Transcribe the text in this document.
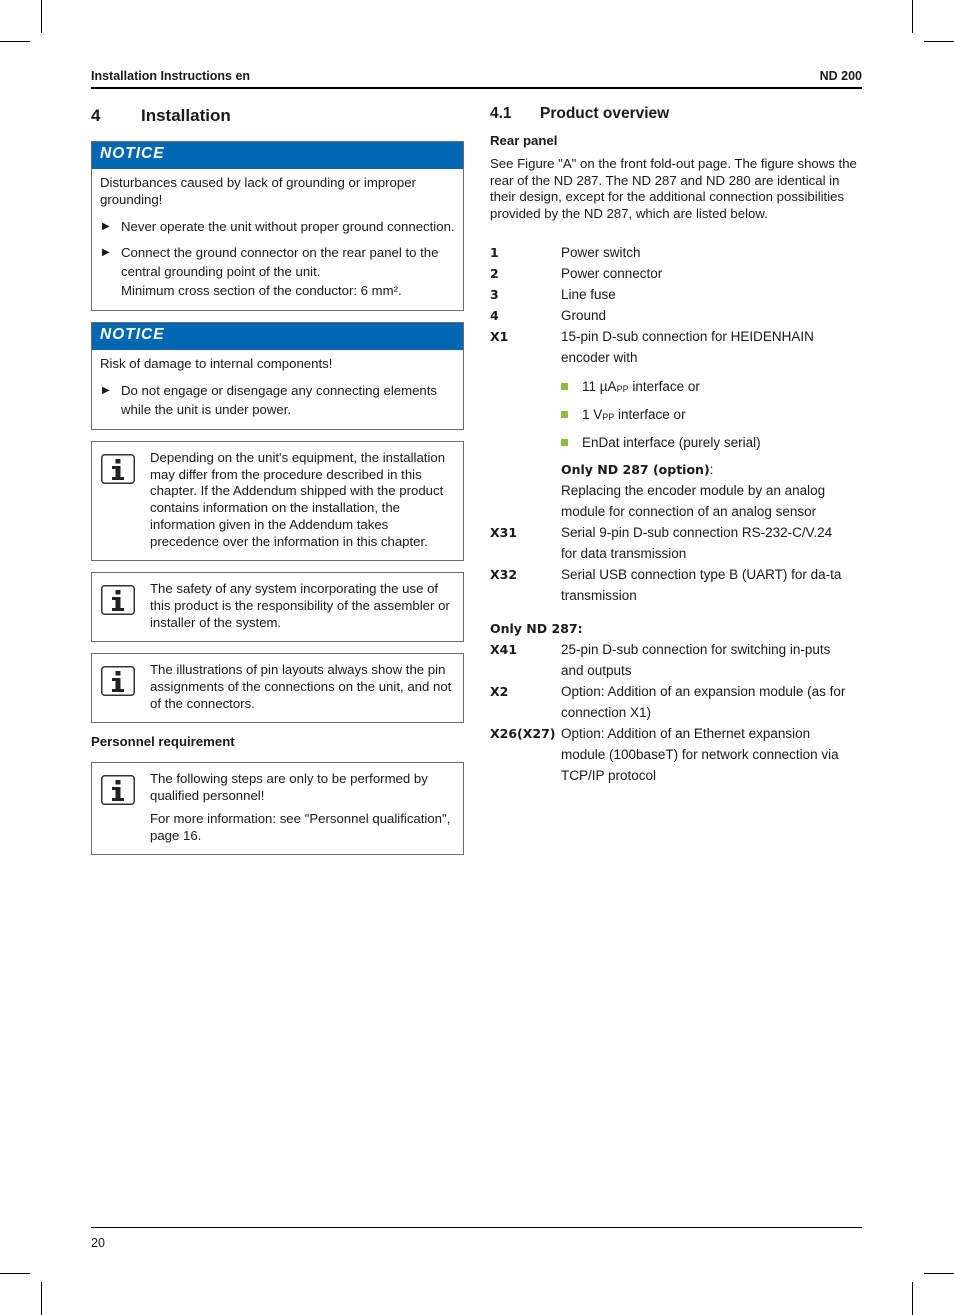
Installation Instructions en	ND 200
4 Installation
NOTICE

Disturbances caused by lack of grounding or improper grounding!

▶ Never operate the unit without proper ground connection.
▶ Connect the ground connector on the rear panel to the central grounding point of the unit.
Minimum cross section of the conductor: 6 mm².
NOTICE

Risk of damage to internal components!

▶ Do not engage or disengage any connecting elements while the unit is under power.

Depending on the unit's equipment, the installation may differ from the procedure described in this chapter. If the Addendum shipped with the product contains information on the installation, the information given in the Addendum takes precedence over the information in this chapter.

The safety of any system incorporating the use of this product is the responsibility of the assembler or installer of the system.

The illustrations of pin layouts always show the pin assignments of the connections on the unit, and not of the connectors.

Personnel requirement

The following steps are only to be performed by qualified personnel!

For more information: see "Personnel qualification", page 16.

4.1 Product overview
Rear panel
See Figure "A" on the front fold-out page. The figure shows the rear of the ND 287. The ND 287 and ND 280 are identical in their design, except for the additional connection possibilities provided by the ND 287, which are listed below.
1	Power switch
2	Power connector
3	Line fuse
4	Ground
X1	15-pin D-sub connection for HEIDENHAIN encoder with
11 µA$_{PP}$ interface or
1 $V_{PP}$ interface or
EnDat interface (purely serial)
Only ND 287 (option):
Replacing the encoder module by an analog module for connection of an analog sensor
X31	Serial 9-pin D-sub connection RS-232-C/V.24 for data transmission
X32	Serial USB connection type B (UART) for da-ta transmission
Only ND 287:
X41	25-pin D-sub connection for switching in-puts and outputs
X2	Option: Addition of an expansion module (as for connection X1)
X26(X27) Option: Addition of an Ethernet expansion module (100baseT) for network connection via TCP/IP protocol
20
